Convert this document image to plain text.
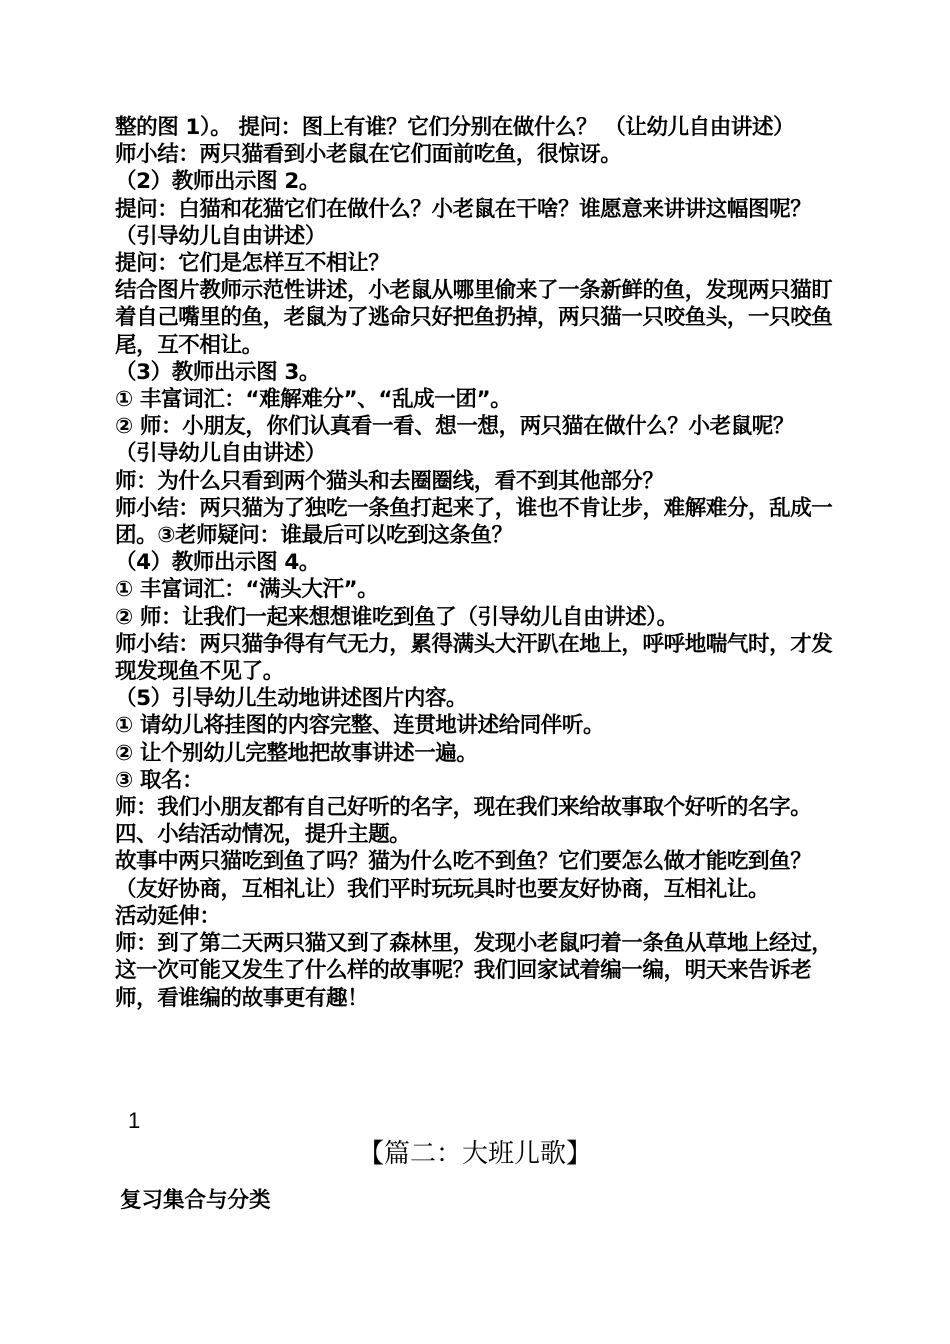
整的图 1）。 提问：图上有谁？它们分别在做什么？ （让幼儿自由讲述）

师小结：两只猫看到小老鼠在它们面前吃鱼，很惊讶。

（2）教师出示图 2。

提问：白猫和花猫它们在做什么？小老鼠在干啥？谁愿意来讲讲这幅图呢？ （引导幼儿自由讲述）

提问：它们是怎样互不相让？

结合图片教师示范性讲述，小老鼠从哪里偷来了一条新鲜的鱼，发现两只猫盯着自己嘴里的鱼，老鼠为了逃命只好把鱼扔掉，两只猫一只咬鱼头，一只咬鱼尾，互不相让。

（3）教师出示图 3。

① 丰富词汇：“难解难分”、“乱成一团”。

② 师：小朋友，你们认真看一看、想一想，两只猫在做什么？小老鼠呢？ （引导幼儿自由讲述）

师：为什么只看到两个猫头和去圈圈线，看不到其他部分？

师小结：两只猫为了独吃一条鱼打起来了，谁也不肯让步，难解难分，乱成一团。③老师疑问：谁最后可以吃到这条鱼？

（4）教师出示图 4。

① 丰富词汇：“满头大汗”。

② 师：让我们一起来想想谁吃到鱼了（引导幼儿自由讲述）。

师小结：两只猫争得有气无力，累得满头大汗趴在地上，呼呼地喘气时，才发现发现鱼不见了。

（5）引导幼儿生动地讲述图片内容。

① 请幼儿将挂图的内容完整、连贯地讲述给同伴听。

② 让个别幼儿完整地把故事讲述一遍。

③ 取名：

师：我们小朋友都有自己好听的名字，现在我们来给故事取个好听的名字。

四、小结活动情况，提升主题。

故事中两只猫吃到鱼了吗？猫为什么吃不到鱼？它们要怎么做才能吃到鱼？ （友好协商，互相礼让）我们平时玩玩具时也要友好协商，互相礼让。

活动延伸：

师：到了第二天两只猫又到了森林里，发现小老鼠叼着一条鱼从草地上经过，这一次可能又发生了什么样的故事呢？我们回家试着编一编，明天来告诉老师，看谁编的故事更有趣！

1
【篇二：大班儿歌】
复习集合与分类
